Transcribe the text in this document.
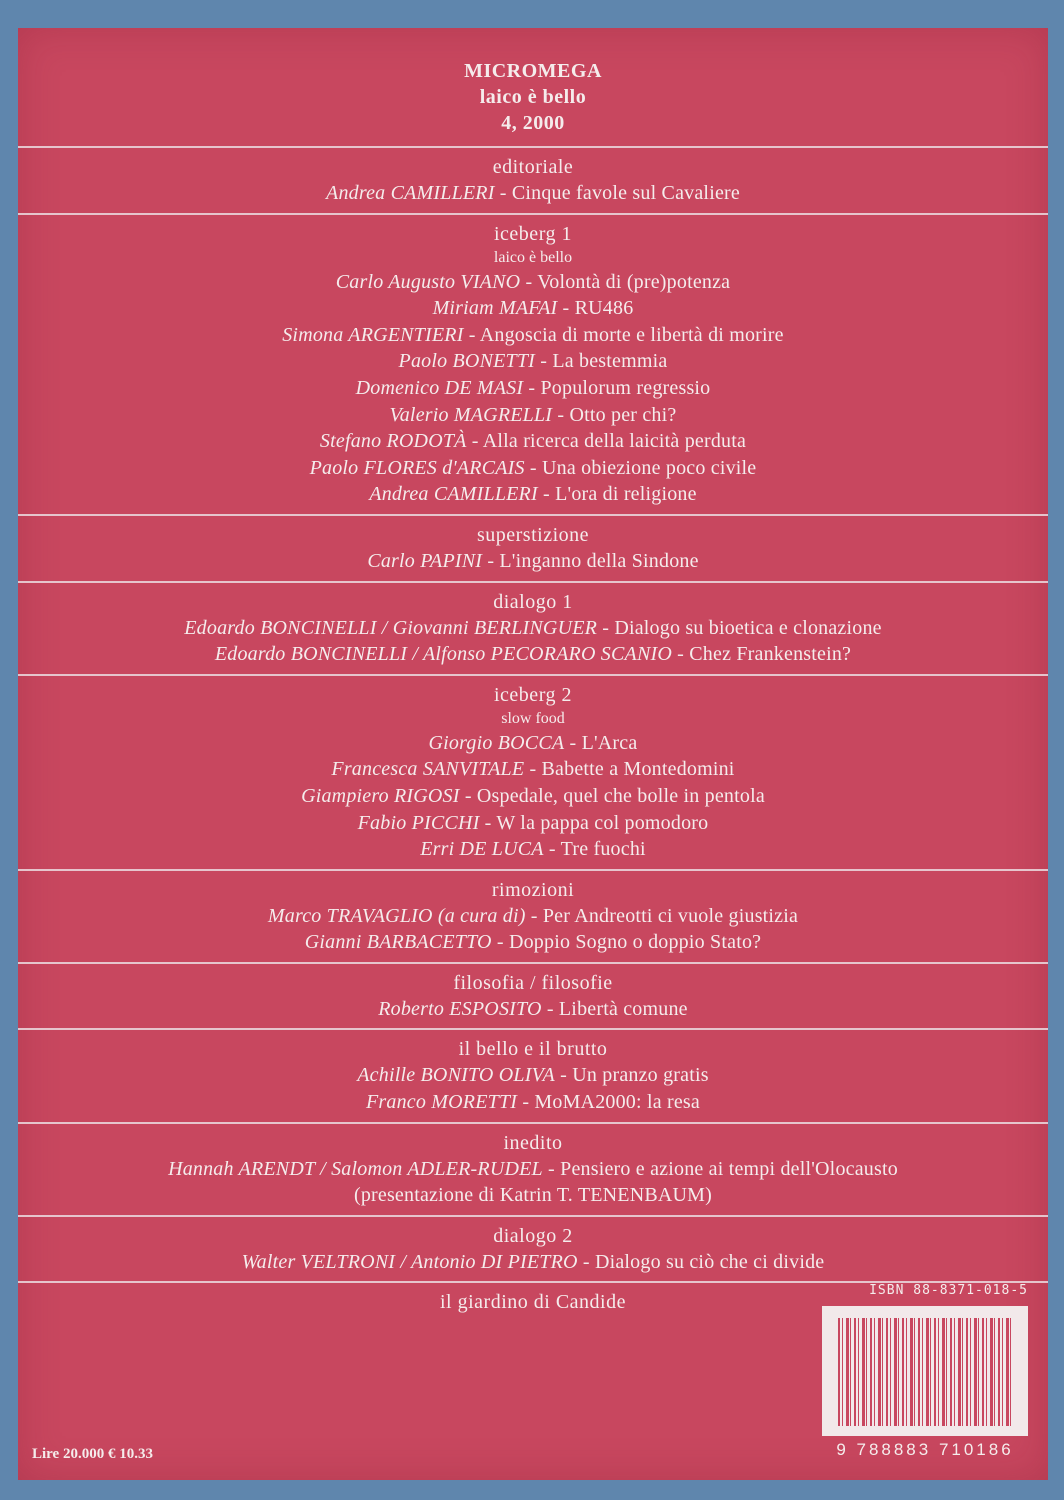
MICROMEGA
laico è bello
4, 2000
editoriale
Andrea CAMILLERI - Cinque favole sul Cavaliere
iceberg 1
laico è bello
Carlo Augusto VIANO - Volontà di (pre)potenza
Miriam MAFAI - RU486
Simona ARGENTIERI - Angoscia di morte e libertà di morire
Paolo BONETTI - La bestemmia
Domenico DE MASI - Populorum regressio
Valerio MAGRELLI - Otto per chi?
Stefano RODOTÀ - Alla ricerca della laicità perduta
Paolo FLORES d'ARCAIS - Una obiezione poco civile
Andrea CAMILLERI - L'ora di religione
superstizione
Carlo PAPINI - L'inganno della Sindone
dialogo 1
Edoardo BONCINELLI / Giovanni BERLINGUER - Dialogo su bioetica e clonazione
Edoardo BONCINELLI / Alfonso PECORARO SCANIO - Chez Frankenstein?
iceberg 2
slow food
Giorgio BOCCA - L'Arca
Francesca SANVITALE - Babette a Montedomini
Giampiero RIGOSI - Ospedale, quel che bolle in pentola
Fabio PICCHI - W la pappa col pomodoro
Erri DE LUCA - Tre fuochi
rimozioni
Marco TRAVAGLIO (a cura di) - Per Andreotti ci vuole giustizia
Gianni BARBACETTO - Doppio Sogno o doppio Stato?
filosofia / filosofie
Roberto ESPOSITO - Libertà comune
il bello e il brutto
Achille BONITO OLIVA - Un pranzo gratis
Franco MORETTI - MoMA2000: la resa
inedito
Hannah ARENDT / Salomon ADLER-RUDEL - Pensiero e azione ai tempi dell'Olocausto
(presentazione di Katrin T. TENENBAUM)
dialogo 2
Walter VELTRONI / Antonio DI PIETRO - Dialogo su ciò che ci divide
il giardino di Candide
ISBN 88-8371-018-5
9 788883 710186
Lire 20.000 € 10.33
